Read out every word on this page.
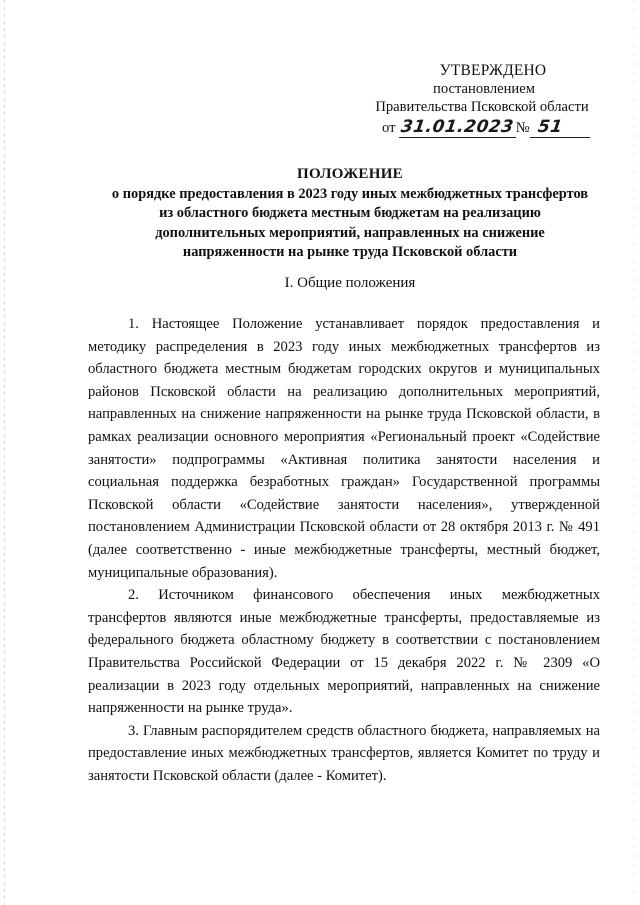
УТВЕРЖДЕНО
постановлением
Правительства Псковской области
от 31.01.2023№ 51
ПОЛОЖЕНИЕ
о порядке предоставления в 2023 году иных межбюджетных трансфертов
из областного бюджета местным бюджетам на реализацию
дополнительных мероприятий, направленных на снижение
напряженности на рынке труда Псковской области
I. Общие положения

1. Настоящее Положение устанавливает порядок предоставления и методику распределения в 2023 году иных межбюджетных трансфертов из областного бюджета местным бюджетам городских округов и муниципальных районов Псковской области на реализацию дополнительных мероприятий, направленных на снижение напряженности на рынке труда Псковской области, в рамках реализации основного мероприятия «Региональный проект «Содействие занятости» подпрограммы «Активная политика занятости населения и социальная поддержка безработных граждан» Государственной программы Псковской области «Содействие занятости населения», утвержденной постановлением Администрации Псковской области от 28 октября 2013 г. № 491 (далее соответственно - иные межбюджетные трансферты, местный бюджет, муниципальные образования).

2. Источником финансового обеспечения иных межбюджетных трансфертов являются иные межбюджетные трансферты, предоставляемые из федерального бюджета областному бюджету в соответствии с постановлением Правительства Российской Федерации от 15 декабря 2022 г. № 2309 «О реализации в 2023 году отдельных мероприятий, направленных на снижение напряженности на рынке труда».

3. Главным распорядителем средств областного бюджета, направляемых на предоставление иных межбюджетных трансфертов, является Комитет по труду и занятости Псковской области (далее - Комитет).
